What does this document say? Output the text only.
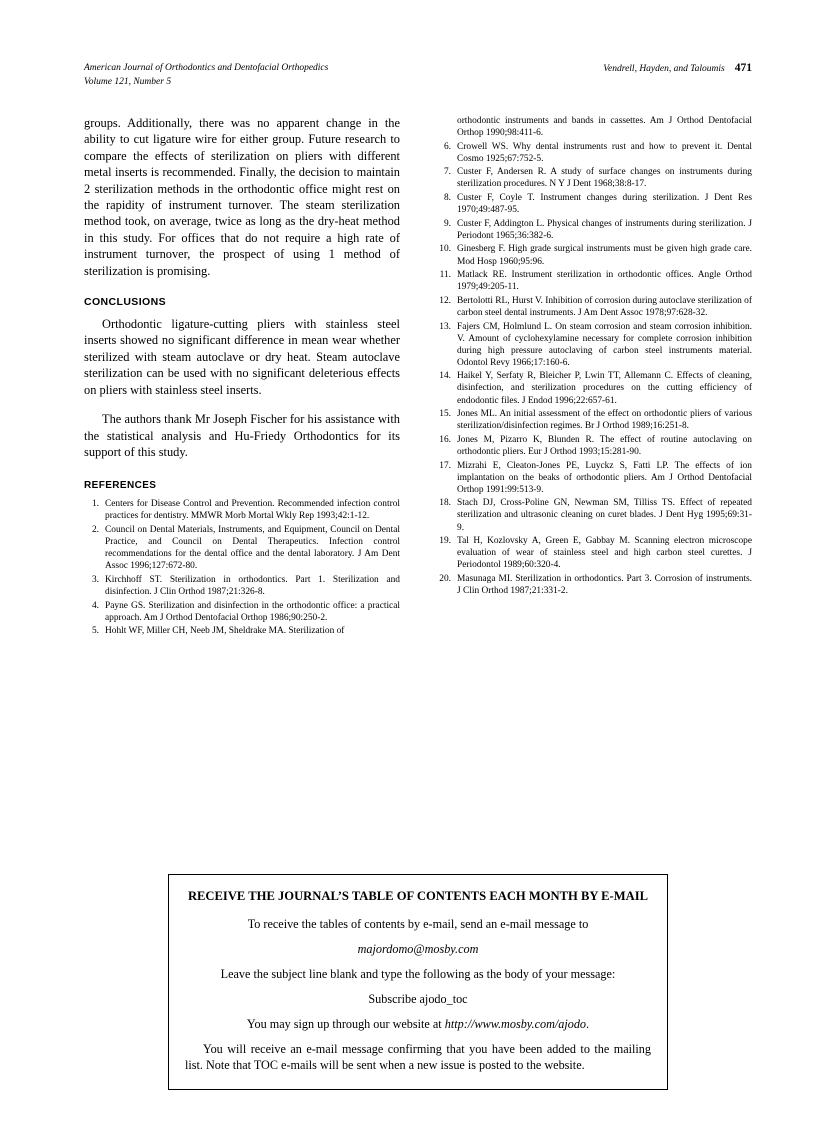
American Journal of Orthodontics and Dentofacial Orthopedics
Volume 121, Number 5
Vendrell, Hayden, and Taloumis 471

groups. Additionally, there was no apparent change in the ability to cut ligature wire for either group. Future research to compare the effects of sterilization on pliers with different metal inserts is recommended. Finally, the decision to maintain 2 sterilization methods in the orthodontic office might rest on the rapidity of instrument turnover. The steam sterilization method took, on average, twice as long as the dry-heat method in this study. For offices that do not require a high rate of instrument turnover, the prospect of using 1 method of sterilization is promising.

CONCLUSIONS

Orthodontic ligature-cutting pliers with stainless steel inserts showed no significant difference in mean wear whether sterilized with steam autoclave or dry heat. Steam autoclave sterilization can be used with no significant deleterious effects on pliers with stainless steel inserts.

The authors thank Mr Joseph Fischer for his assistance with the statistical analysis and Hu-Friedy Orthodontics for its support of this study.

REFERENCES
1. Centers for Disease Control and Prevention. Recommended infection control practices for dentistry. MMWR Morb Mortal Wkly Rep 1993;42:1-12.
2. Council on Dental Materials, Instruments, and Equipment, Council on Dental Practice, and Council on Dental Therapeutics. Infection control recommendations for the dental office and the dental laboratory. J Am Dent Assoc 1996;127:672-80.
3. Kirchhoff ST. Sterilization in orthodontics. Part 1. Sterilization and disinfection. J Clin Orthod 1987;21:326-8.
4. Payne GS. Sterilization and disinfection in the orthodontic office: a practical approach. Am J Orthod Dentofacial Orthop 1986;90:250-2.
5. Hohlt WF, Miller CH, Neeb JM, Sheldrake MA. Sterilization of
orthodontic instruments and bands in cassettes. Am J Orthod Dentofacial Orthop 1990;98:411-6.
6. Crowell WS. Why dental instruments rust and how to prevent it. Dental Cosmo 1925;67:752-5.
7. Custer F, Andersen R. A study of surface changes on instruments during sterilization procedures. N Y J Dent 1968;38:8-17.
8. Custer F, Coyle T. Instrument changes during sterilization. J Dent Res 1970;49:487-95.
9. Custer F, Addington L. Physical changes of instruments during sterilization. J Periodont 1965;36:382-6.
10. Ginesberg F. High grade surgical instruments must be given high grade care. Mod Hosp 1960;95:96.
11. Matlack RE. Instrument sterilization in orthodontic offices. Angle Orthod 1979;49:205-11.
12. Bertolotti RL, Hurst V. Inhibition of corrosion during autoclave sterilization of carbon steel dental instruments. J Am Dent Assoc 1978;97:628-32.
13. Fajers CM, Holmlund L. On steam corrosion and steam corrosion inhibition. V. Amount of cyclohexylamine necessary for complete corrosion inhibition during high pressure autoclaving of carbon steel instruments material. Odontol Revy 1966;17:160-6.
14. Haikel Y, Serfaty R, Bleicher P, Lwin TT, Allemann C. Effects of cleaning, disinfection, and sterilization procedures on the cutting efficiency of endodontic files. J Endod 1996;22:657-61.
15. Jones ML. An initial assessment of the effect on orthodontic pliers of various sterilization/disinfection regimes. Br J Orthod 1989;16:251-8.
16. Jones M, Pizarro K, Blunden R. The effect of routine autoclaving on orthodontic pliers. Eur J Orthod 1993;15:281-90.
17. Mizrahi E, Cleaton-Jones PE, Luyckz S, Fatti LP. The effects of ion implantation on the beaks of orthodontic pliers. Am J Orthod Dentofacial Orthop 1991:99:513-9.
18. Stach DJ, Cross-Poline GN, Newman SM, Tilliss TS. Effect of repeated sterilization and ultrasonic cleaning on curet blades. J Dent Hyg 1995;69:31-9.
19. Tal H, Kozlovsky A, Green E, Gabbay M. Scanning electron microscope evaluation of wear of stainless steel and high carbon steel curettes. J Periodontol 1989;60:320-4.
20. Masunaga MI. Sterilization in orthodontics. Part 3. Corrosion of instruments. J Clin Orthod 1987;21:331-2.
RECEIVE THE JOURNAL’S TABLE OF CONTENTS EACH MONTH BY E-MAIL

To receive the tables of contents by e-mail, send an e-mail message to

majordomo@mosby.com

Leave the subject line blank and type the following as the body of your message:

Subscribe ajodo_toc

You may sign up through our website at http://www.mosby.com/ajodo.

You will receive an e-mail message confirming that you have been added to the mailing list. Note that TOC e-mails will be sent when a new issue is posted to the website.
